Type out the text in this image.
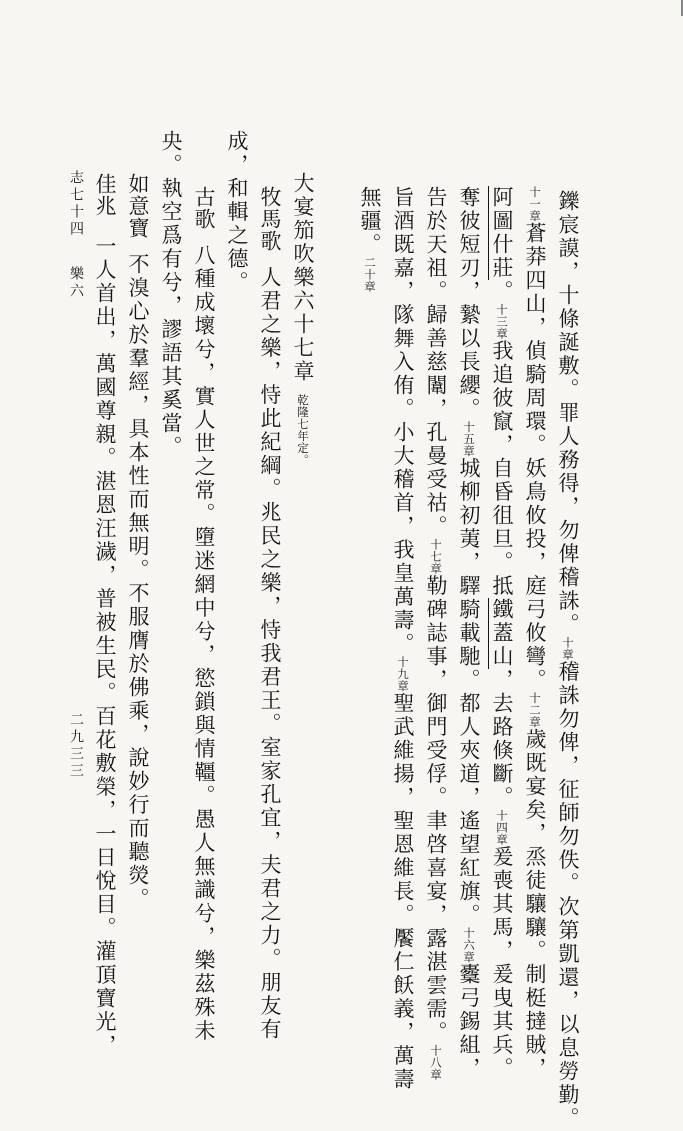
鑠宸謨，十條誕敷。罪人務得，勿俾稽誅。十章稽誅勿俾，征師勿佚。次第凱還，以息勞勤。
十一章蒼莽四山，偵騎周環。妖鳥攸投，庭弓攸彎。十二章歲既宴矣，烝徒驤驤。制梃撻賊，
阿圖什莊。十三章我追彼竄，自昏徂旦。抵鐵蓋山，去路倏斷。十四章爰喪其馬，爰曳其兵。
奪彼短刃，縶以長纓。十五章城柳初荑，驛騎載馳。都人夾道，遙望紅旗。十六章櫜弓錫組，
告於天祖。歸善慈闈，孔曼受祜。十七章勒碑誌事，御門受俘。聿啓喜宴，露湛雲需。十八章
旨酒既嘉，隊舞入侑。小大稽首，我皇萬壽。十九章聖武維揚，聖恩維長。饜仁飫義，萬壽
無疆。二十章
大宴笳吹樂六十七章乾隆七年定。
牧馬歌人君之樂，恃此紀綱。兆民之樂，恃我君王。室家孔宜，夫君之力。朋友有
成，和輯之德。
古歌八種成壞兮，實人世之常。墮迷網中兮，慾鎖與情韁。愚人無識兮，樂茲殊未
央。執空爲有兮，謬語其奚當。
如意寶不溴心於羣經，具本性而無明。不服膺於佛乘，說妙行而聽熒。
佳兆一人首出，萬國尊親。湛恩汪濊，普被生民。百花敷榮，一日悅目。灌頂寶光，
志七十四樂六
二九三三
